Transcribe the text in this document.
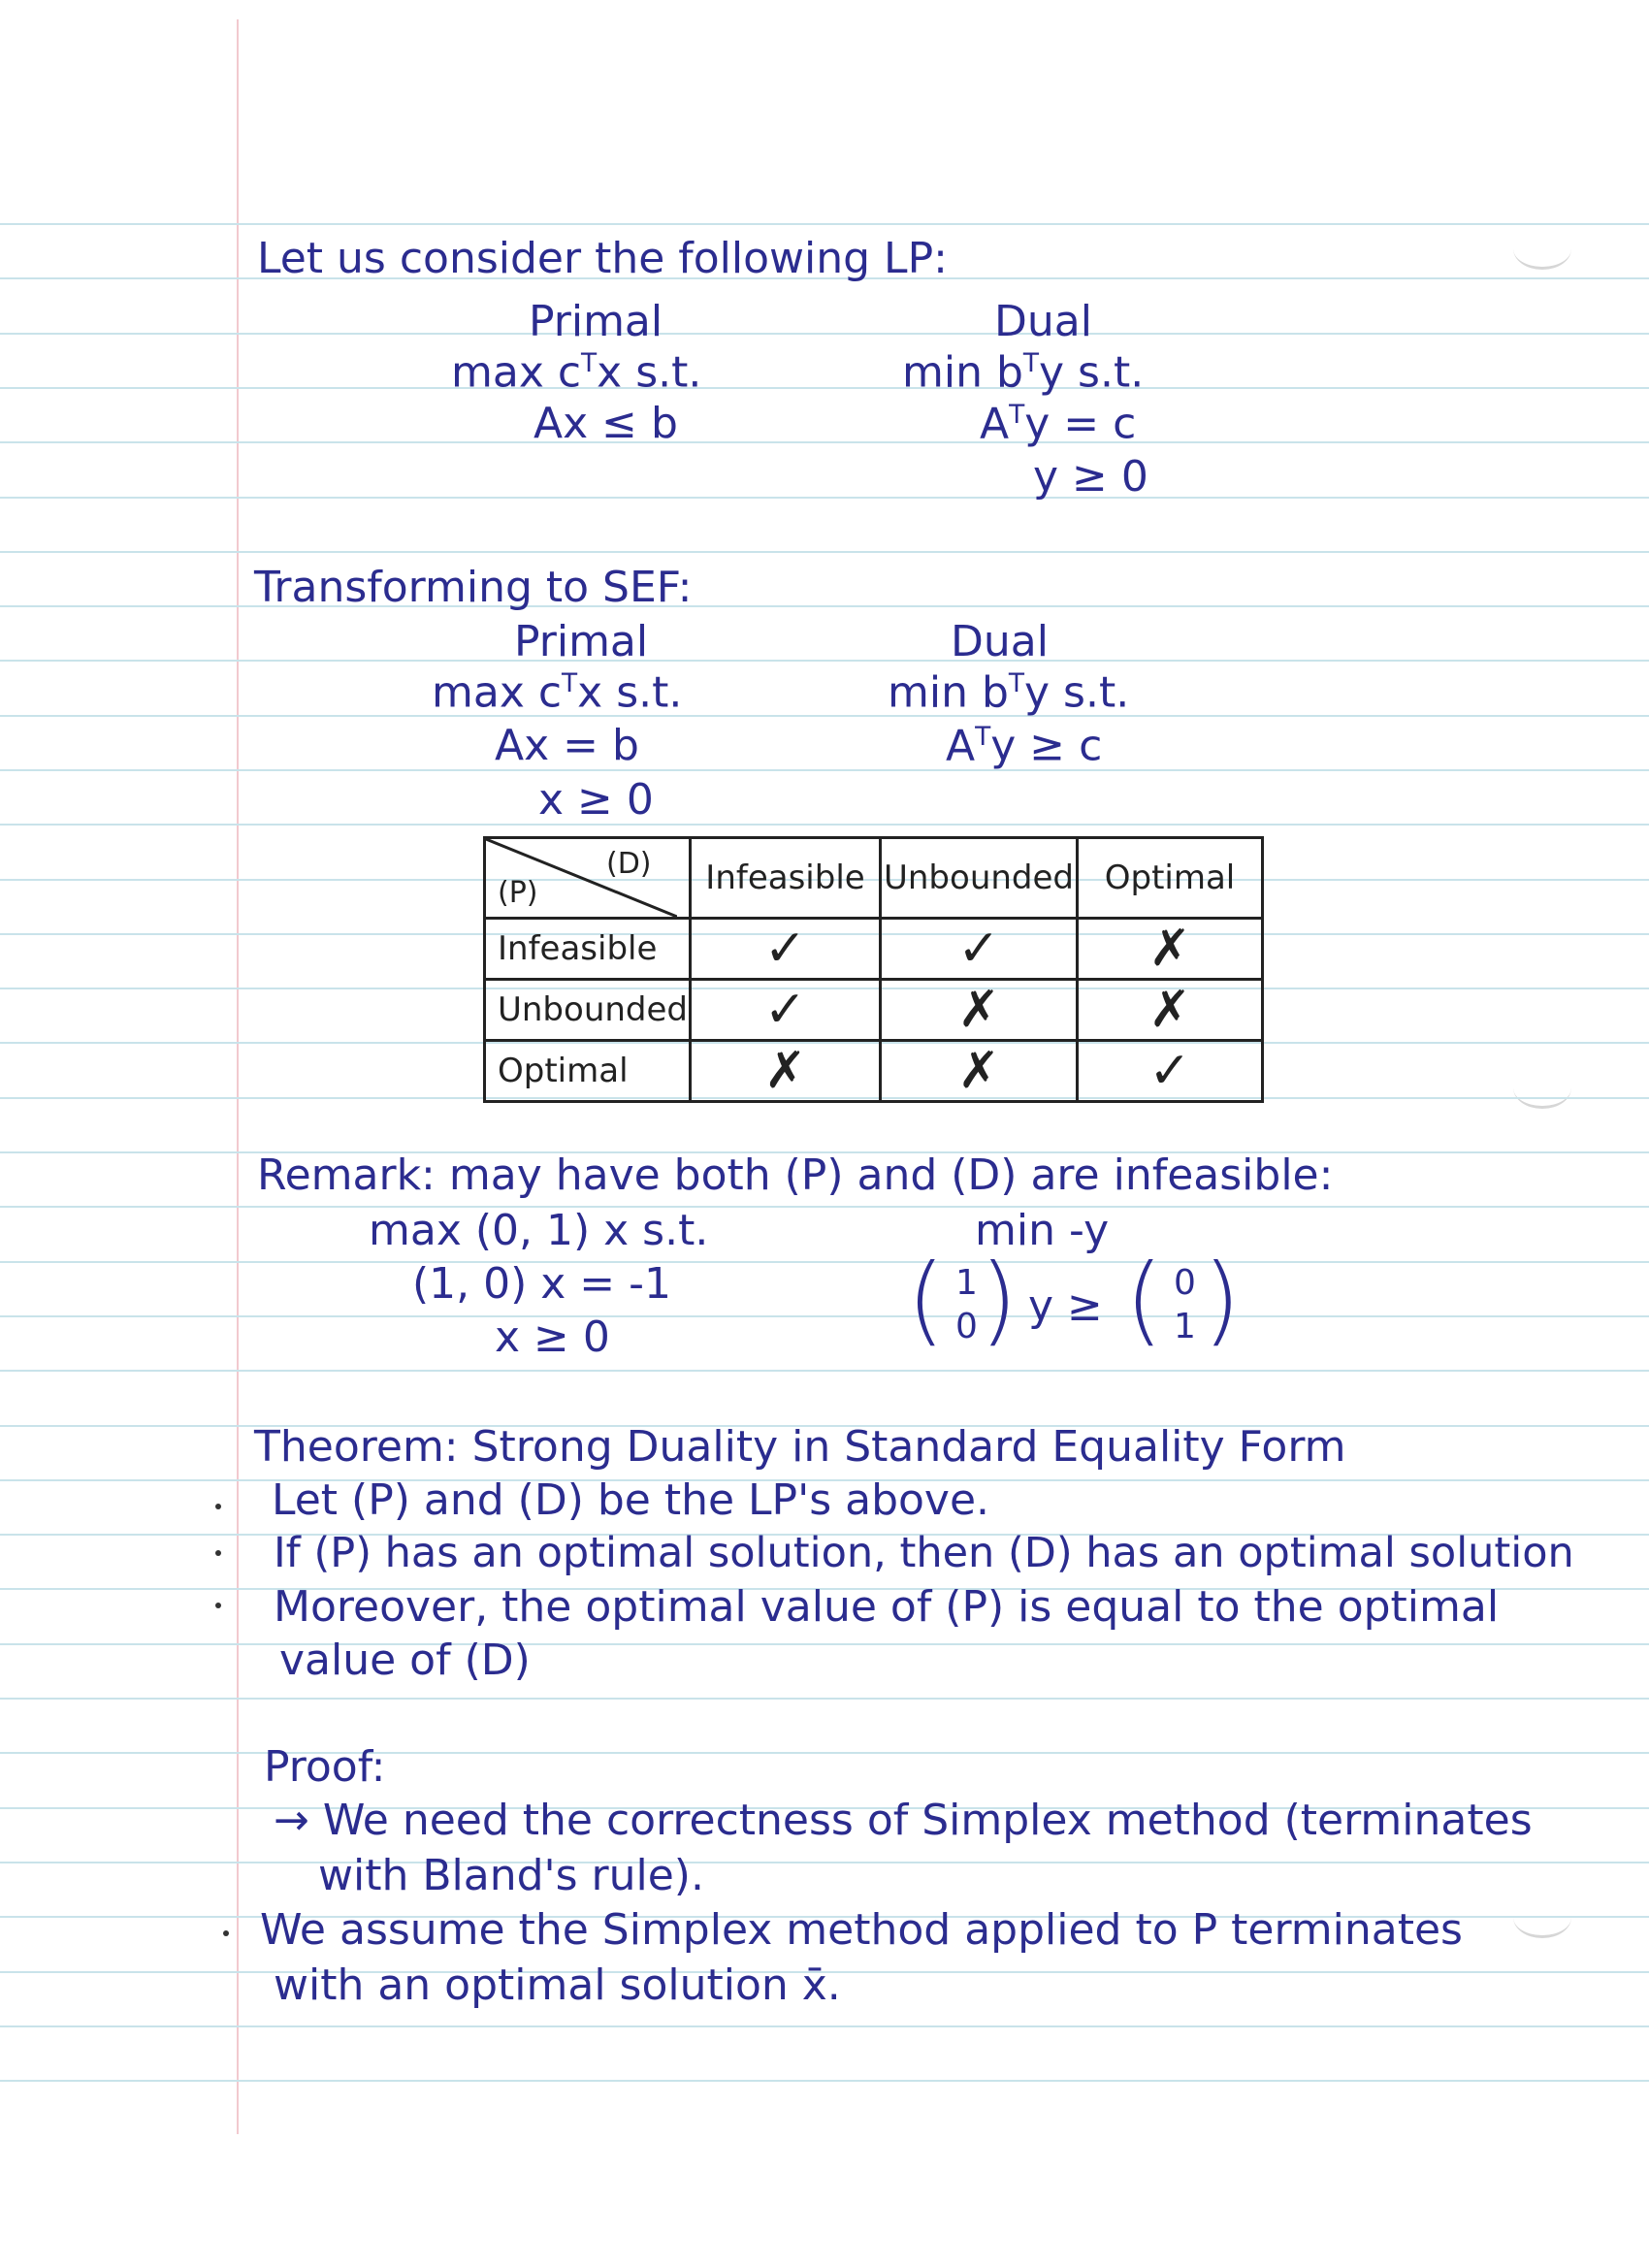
Let us consider the following LP:
Primal
$\max c^Tx$ s.t.
Ax ≤ b
Dual
$\min b^Ty$ s.t.
$A^Ty = c$
y ≥ 0
Transforming to SEF:
Primal
$\max c^Tx$ s.t.
Ax = b
x ≥ 0
Dual
$\min b^Ty$ s.t.
$A^Ty \ge c$
(D)
(P)	Infeasible	Unbounded	Optimal
Infeasible	✓	✓	✗
Unbounded	✓	✗	✗
Optimal	✗	✗	✓
Remark: may have both (P) and (D) are infeasible:
max (0, 1) x s.t.
(1, 0) x = -1
x ≥ 0
min -y
( 1
0 ) y ≥ ( 0
1 )
Theorem: Strong Duality in Standard Equality Form
Let (P) and (D) be the LP's above.
If (P) has an optimal solution, then (D) has an optimal solution
Moreover, the optimal value of (P) is equal to the optimal
value of (D)
Proof:
→ We need the correctness of Simplex method (terminates
with Bland's rule).
We assume the Simplex method applied to P terminates
with an optimal solution x̄.
